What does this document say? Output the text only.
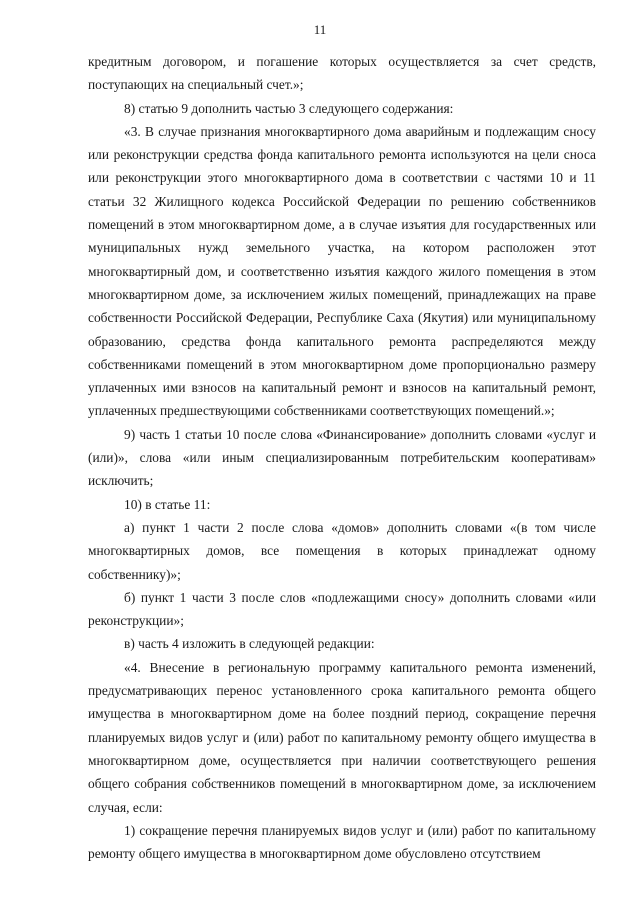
11

кредитным договором, и погашение которых осуществляется за счет средств, поступающих на специальный счет.»;

8) статью 9 дополнить частью 3 следующего содержания:

«3. В случае признания многоквартирного дома аварийным и подлежащим сносу или реконструкции средства фонда капитального ремонта используются на цели сноса или реконструкции этого многоквартирного дома в соответствии с частями 10 и 11 статьи 32 Жилищного кодекса Российской Федерации по решению собственников помещений в этом многоквартирном доме, а в случае изъятия для государственных или муниципальных нужд земельного участка, на котором расположен этот многоквартирный дом, и соответственно изъятия каждого жилого помещения в этом многоквартирном доме, за исключением жилых помещений, принадлежащих на праве собственности Российской Федерации, Республике Саха (Якутия) или муниципальному образованию, средства фонда капитального ремонта распределяются между собственниками помещений в этом многоквартирном доме пропорционально размеру уплаченных ими взносов на капитальный ремонт и взносов на капитальный ремонт, уплаченных предшествующими собственниками соответствующих помещений.»;

9) часть 1 статьи 10 после слова «Финансирование» дополнить словами «услуг и (или)», слова «или иным специализированным потребительским кооперативам» исключить;

10) в статье 11:

а) пункт 1 части 2 после слова «домов» дополнить словами «(в том числе многоквартирных домов, все помещения в которых принадлежат одному собственнику)»;

б) пункт 1 части 3 после слов «подлежащими сносу» дополнить словами «или реконструкции»;

в) часть 4 изложить в следующей редакции:

«4. Внесение в региональную программу капитального ремонта изменений, предусматривающих перенос установленного срока капитального ремонта общего имущества в многоквартирном доме на более поздний период, сокращение перечня планируемых видов услуг и (или) работ по капитальному ремонту общего имущества в многоквартирном доме, осуществляется при наличии соответствующего решения общего собрания собственников помещений в многоквартирном доме, за исключением случая, если:

1) сокращение перечня планируемых видов услуг и (или) работ по капитальному ремонту общего имущества в многоквартирном доме обусловлено отсутствием
